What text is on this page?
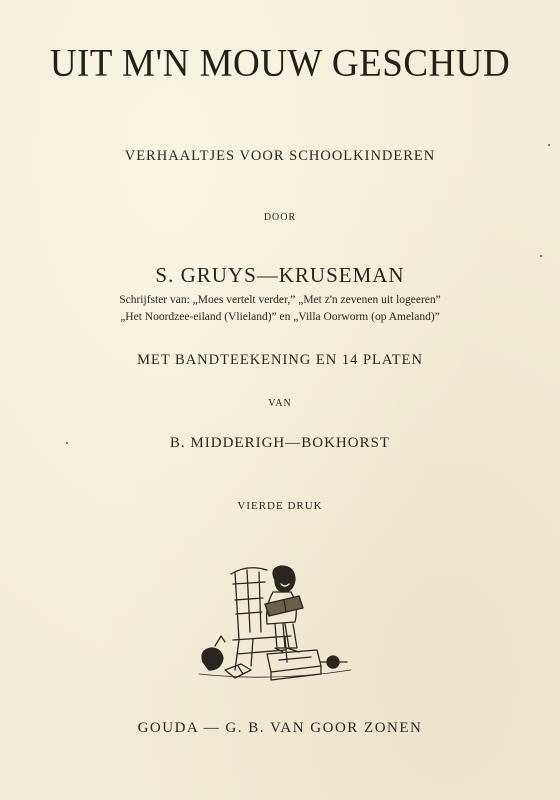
UIT M'N MOUW GESCHUD
VERHAALTJES VOOR SCHOOLKINDEREN
DOOR
S. GRUYS—KRUSEMAN
Schrijfster van: „Moes vertelt verder,” „Met z'n zevenen uit logeeren”
„Het Noordzee-eiland (Vlieland)” en „Villa Oorworm (op Ameland)”
MET BANDTEEKENING EN 14 PLATEN
VAN
B. MIDDERIGH—BOKHORST
VIERDE DRUK
GOUDA — G. B. VAN GOOR ZONEN
